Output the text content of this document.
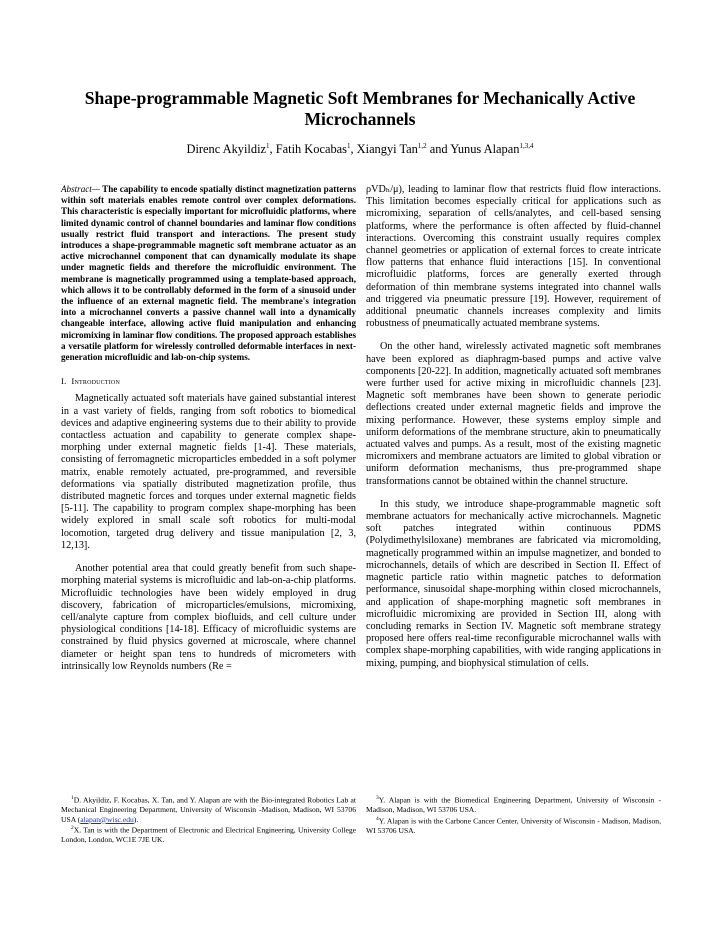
Shape-programmable Magnetic Soft Membranes for Mechanically Active Microchannels

Direnc Akyildiz$^1$, Fatih Kocabas$^1$, Xiangyi Tan$^{1,2}$ and Yunus Alapan$^{1,3,4}$

Abstract— The capability to encode spatially distinct magnetization patterns within soft materials enables remote control over complex deformations. This characteristic is especially important for microfluidic platforms, where limited dynamic control of channel boundaries and laminar flow conditions usually restrict fluid transport and interactions. The present study introduces a shape-programmable magnetic soft membrane actuator as an active microchannel component that can dynamically modulate its shape under magnetic fields and therefore the microfluidic environment. The membrane is magnetically programmed using a template-based approach, which allows it to be controllably deformed in the form of a sinusoid under the influence of an external magnetic field. The membrane's integration into a microchannel converts a passive channel wall into a dynamically changeable interface, allowing active fluid manipulation and enhancing micromixing in laminar flow conditions. The proposed approach establishes a versatile platform for wirelessly controlled deformable interfaces in next-generation microfluidic and lab-on-chip systems.

I. Introduction

Magnetically actuated soft materials have gained substantial interest in a vast variety of fields, ranging from soft robotics to biomedical devices and adaptive engineering systems due to their ability to provide contactless actuation and capability to generate complex shape-morphing under external magnetic fields [1-4]. These materials, consisting of ferromagnetic microparticles embedded in a soft polymer matrix, enable remotely actuated, pre-programmed, and reversible deformations via spatially distributed magnetization profile, thus distributed magnetic forces and torques under external magnetic fields [5-11]. The capability to program complex shape-morphing has been widely explored in small scale soft robotics for multi-modal locomotion, targeted drug delivery and tissue manipulation [2, 3, 12,13].

Another potential area that could greatly benefit from such shape-morphing material systems is microfluidic and lab-on-a-chip platforms. Microfluidic technologies have been widely employed in drug discovery, fabrication of microparticles/emulsions, micromixing, cell/analyte capture from complex biofluids, and cell culture under physiological conditions [14-18]. Efficacy of microfluidic systems are constrained by fluid physics governed at microscale, where channel diameter or height span tens to hundreds of micrometers with intrinsically low Reynolds numbers (Re =

ρVDₕ/μ), leading to laminar flow that restricts fluid flow interactions. This limitation becomes especially critical for applications such as micromixing, separation of cells/analytes, and cell-based sensing platforms, where the performance is often affected by fluid-channel interactions. Overcoming this constraint usually requires complex channel geometries or application of external forces to create intricate flow patterns that enhance fluid interactions [15]. In conventional microfluidic platforms, forces are generally exerted through deformation of thin membrane systems integrated into channel walls and triggered via pneumatic pressure [19]. However, requirement of additional pneumatic channels increases complexity and limits robustness of pneumatically actuated membrane systems.

On the other hand, wirelessly activated magnetic soft membranes have been explored as diaphragm-based pumps and active valve components [20-22]. In addition, magnetically actuated soft membranes were further used for active mixing in microfluidic channels [23]. Magnetic soft membranes have been shown to generate periodic deflections created under external magnetic fields and improve the mixing performance. However, these systems employ simple and uniform deformations of the membrane structure, akin to pneumatically actuated valves and pumps. As a result, most of the existing magnetic micromixers and membrane actuators are limited to global vibration or uniform deformation mechanisms, thus pre-programmed shape transformations cannot be obtained within the channel structure.

In this study, we introduce shape-programmable magnetic soft membrane actuators for mechanically active microchannels. Magnetic soft patches integrated within continuous PDMS (Polydimethylsiloxane) membranes are fabricated via micromolding, magnetically programmed within an impulse magnetizer, and bonded to microchannels, details of which are described in Section II. Effect of magnetic particle ratio within magnetic patches to deformation performance, sinusoidal shape-morphing within closed microchannels, and application of shape-morphing magnetic soft membranes in microfluidic micromixing are provided in Section III, along with concluding remarks in Section IV. Magnetic soft membrane strategy proposed here offers real-time reconfigurable microchannel walls with complex shape-morphing capabilities, with wide ranging applications in mixing, pumping, and biophysical stimulation of cells.

$^1$D. Akyildiz, F. Kocabas, X. Tan, and Y. Alapan are with the Bio-integrated Robotics Lab at Mechanical Engineering Department, University of Wisconsin -Madison, Madison, WI 53706 USA (alapan@wisc.edu).

$^2$X. Tan is with the Department of Electronic and Electrical Engineering, University College London, London, WC1E 7JE UK.

$^3$Y. Alapan is with the Biomedical Engineering Department, University of Wisconsin - Madison, Madison, WI 53706 USA.

$^4$Y. Alapan is with the Carbone Cancer Center, University of Wisconsin - Madison, Madison, WI 53706 USA.
